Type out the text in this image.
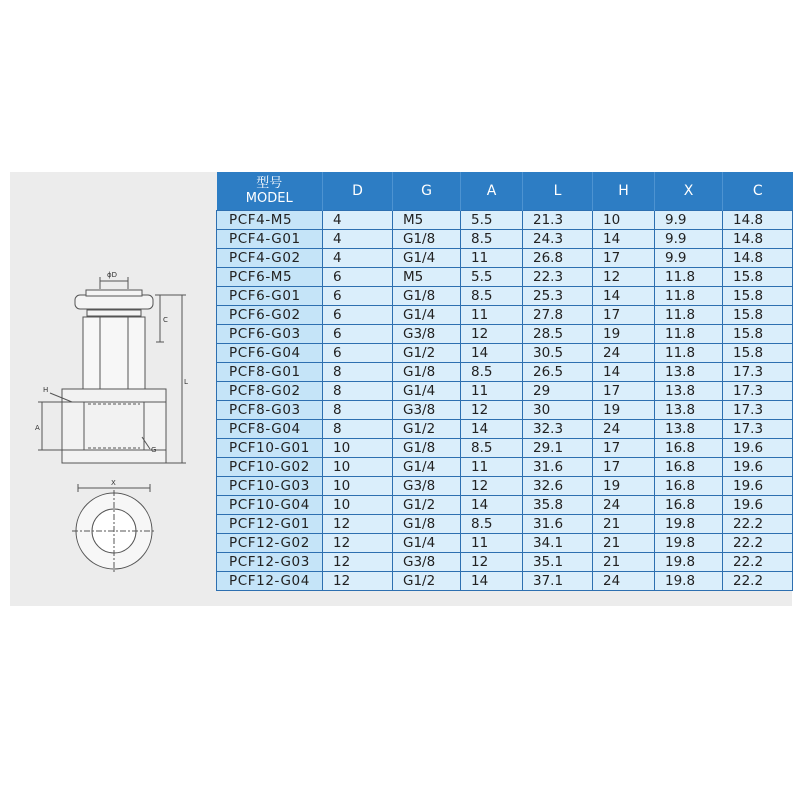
ϕD
C
L
H
A
G
X
型号
MODEL	D	G	A	L	H	X	C
PCF4-M5	4	M5	5.5	21.3	10	9.9	14.8
PCF4-G01	4	G1/8	8.5	24.3	14	9.9	14.8
PCF4-G02	4	G1/4	11	26.8	17	9.9	14.8
PCF6-M5	6	M5	5.5	22.3	12	11.8	15.8
PCF6-G01	6	G1/8	8.5	25.3	14	11.8	15.8
PCF6-G02	6	G1/4	11	27.8	17	11.8	15.8
PCF6-G03	6	G3/8	12	28.5	19	11.8	15.8
PCF6-G04	6	G1/2	14	30.5	24	11.8	15.8
PCF8-G01	8	G1/8	8.5	26.5	14	13.8	17.3
PCF8-G02	8	G1/4	11	29	17	13.8	17.3
PCF8-G03	8	G3/8	12	30	19	13.8	17.3
PCF8-G04	8	G1/2	14	32.3	24	13.8	17.3
PCF10-G01	10	G1/8	8.5	29.1	17	16.8	19.6
PCF10-G02	10	G1/4	11	31.6	17	16.8	19.6
PCF10-G03	10	G3/8	12	32.6	19	16.8	19.6
PCF10-G04	10	G1/2	14	35.8	24	16.8	19.6
PCF12-G01	12	G1/8	8.5	31.6	21	19.8	22.2
PCF12-G02	12	G1/4	11	34.1	21	19.8	22.2
PCF12-G03	12	G3/8	12	35.1	21	19.8	22.2
PCF12-G04	12	G1/2	14	37.1	24	19.8	22.2
